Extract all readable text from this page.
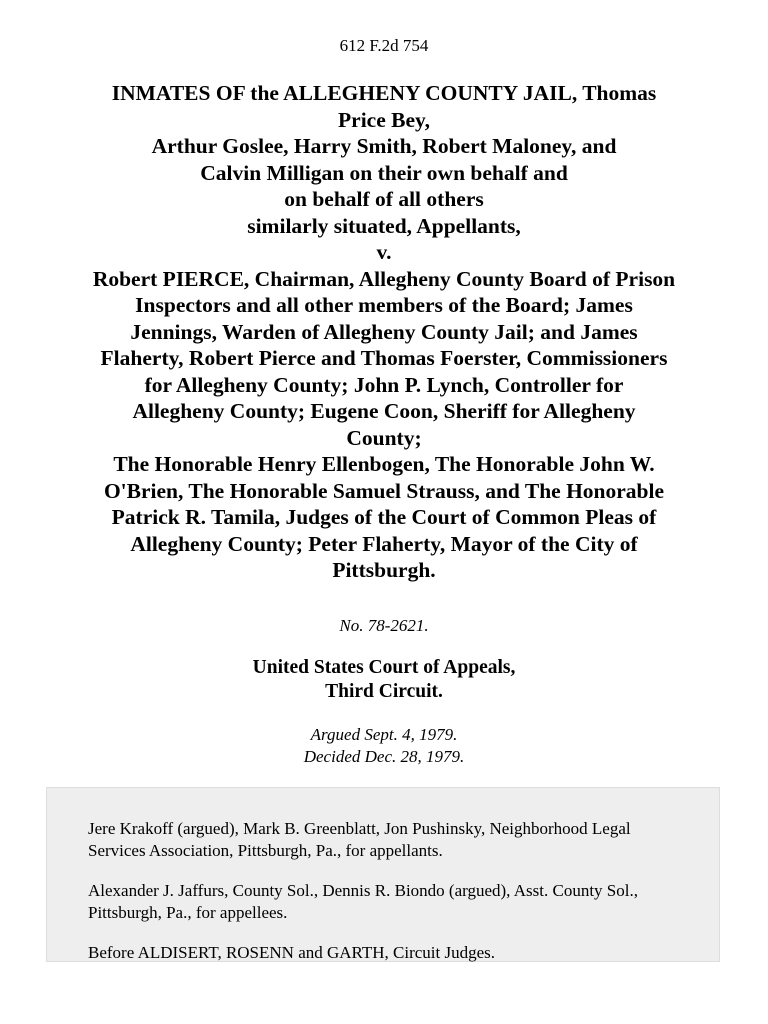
612 F.2d 754
INMATES OF the ALLEGHENY COUNTY JAIL, Thomas
Price Bey,
Arthur Goslee, Harry Smith, Robert Maloney, and
Calvin Milligan on their own behalf and
on behalf of all others
similarly situated, Appellants,
v.
Robert PIERCE, Chairman, Allegheny County Board of Prison
Inspectors and all other members of the Board; James
Jennings, Warden of Allegheny County Jail; and James
Flaherty, Robert Pierce and Thomas Foerster, Commissioners
for Allegheny County; John P. Lynch, Controller for
Allegheny County; Eugene Coon, Sheriff for Allegheny
County;
The Honorable Henry Ellenbogen, The Honorable John W.
O'Brien, The Honorable Samuel Strauss, and The Honorable
Patrick R. Tamila, Judges of the Court of Common Pleas of
Allegheny County; Peter Flaherty, Mayor of the City of
Pittsburgh.
No. 78-2621.
United States Court of Appeals,
Third Circuit.
Argued Sept. 4, 1979.
Decided Dec. 28, 1979.

Jere Krakoff (argued), Mark B. Greenblatt, Jon Pushinsky, Neighborhood Legal Services Association, Pittsburgh, Pa., for appellants.

Alexander J. Jaffurs, County Sol., Dennis R. Biondo (argued), Asst. County Sol., Pittsburgh, Pa., for appellees.

Before ALDISERT, ROSENN and GARTH, Circuit Judges.
